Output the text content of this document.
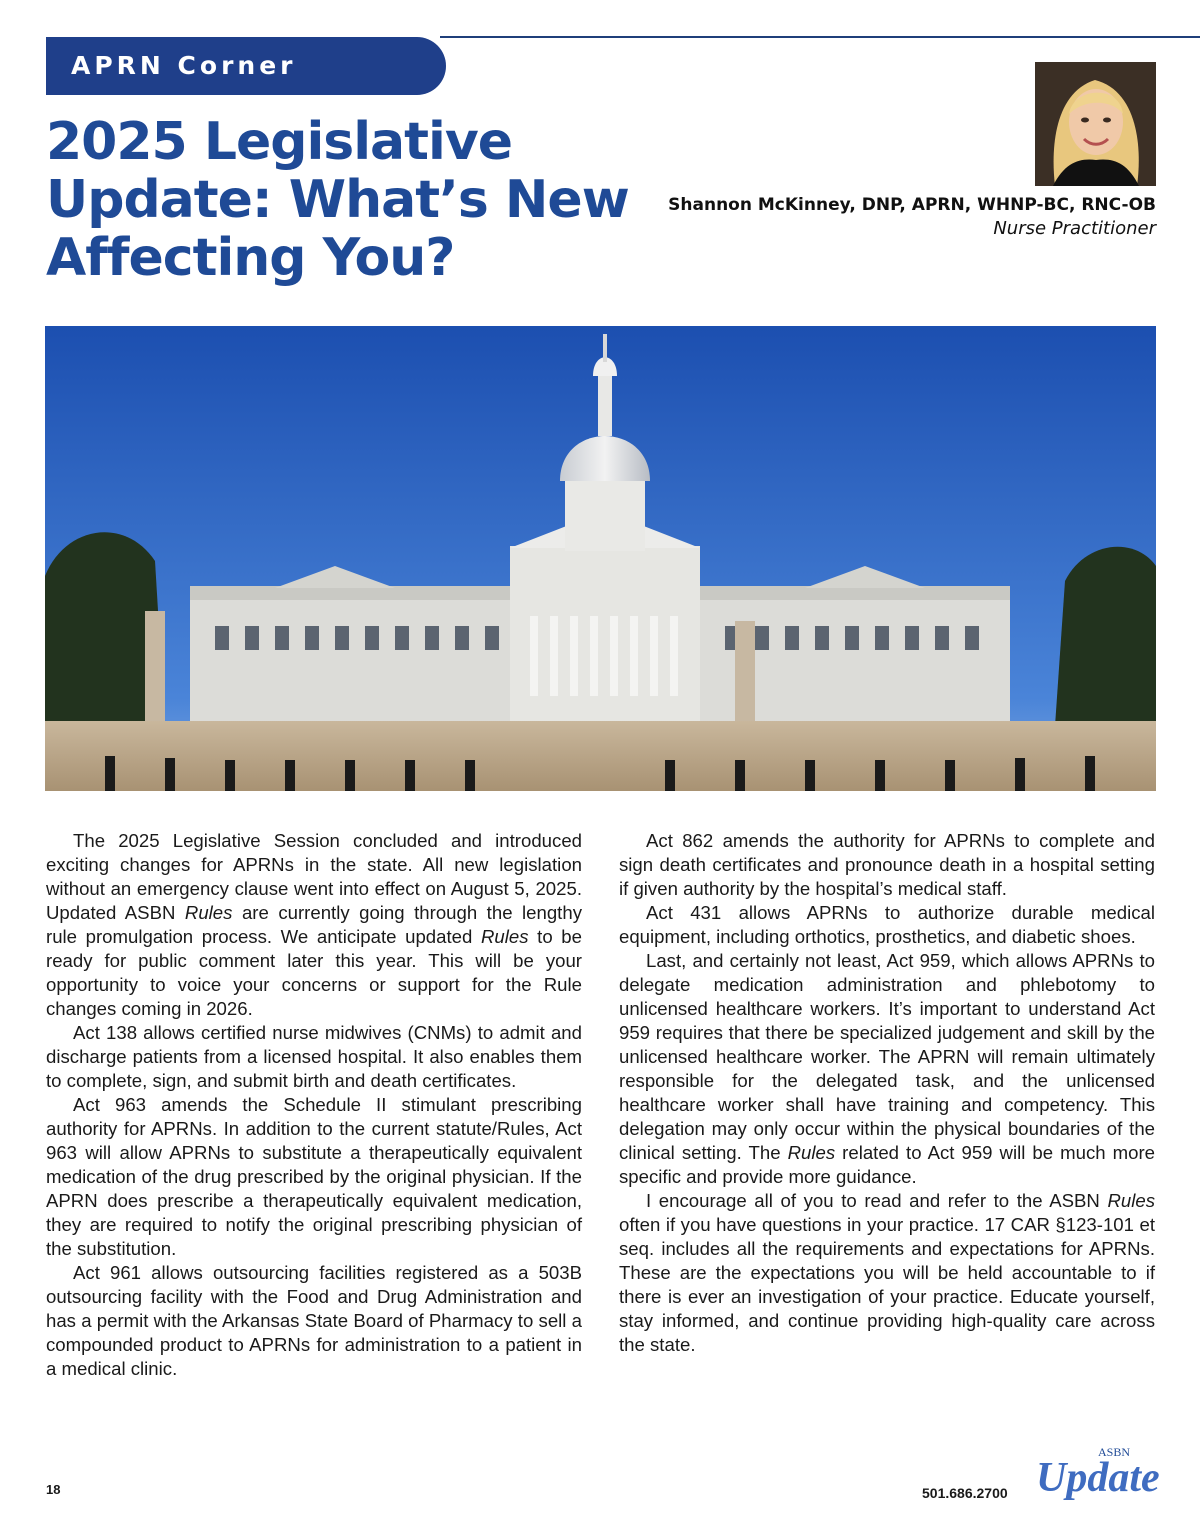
APRN Corner
2025 Legislative Update: What’s New Affecting You?
Shannon McKinney, DNP, APRN, WHNP-BC, RNC-OB
Nurse Practitioner

The 2025 Legislative Session concluded and introduced exciting changes for APRNs in the state. All new legislation without an emergency clause went into effect on August 5, 2025. Updated ASBN Rules are currently going through the lengthy rule promulgation process. We anticipate updated Rules to be ready for public comment later this year. This will be your opportunity to voice your concerns or support for the Rule changes coming in 2026.

Act 138 allows certified nurse midwives (CNMs) to admit and discharge patients from a licensed hospital. It also enables them to complete, sign, and submit birth and death certificates.

Act 963 amends the Schedule II stimulant prescribing authority for APRNs. In addition to the current statute/Rules, Act 963 will allow APRNs to substitute a therapeutically equivalent medication of the drug prescribed by the original physician. If the APRN does prescribe a therapeutically equivalent medication, they are required to notify the original prescribing physician of the substitution.

Act 961 allows outsourcing facilities registered as a 503B outsourcing facility with the Food and Drug Administration and has a permit with the Arkansas State Board of Pharmacy to sell a compounded product to APRNs for administration to a patient in a medical clinic.

Act 862 amends the authority for APRNs to complete and sign death certificates and pronounce death in a hospital setting if given authority by the hospital’s medical staff.

Act 431 allows APRNs to authorize durable medical equipment, including orthotics, prosthetics, and diabetic shoes.

Last, and certainly not least, Act 959, which allows APRNs to delegate medication administration and phlebotomy to unlicensed healthcare workers. It’s important to understand Act 959 requires that there be specialized judgement and skill by the unlicensed healthcare worker. The APRN will remain ultimately responsible for the delegated task, and the unlicensed healthcare worker shall have training and competency. This delegation may only occur within the physical boundaries of the clinical setting. The Rules related to Act 959 will be much more specific and provide more guidance.

I encourage all of you to read and refer to the ASBN Rules often if you have questions in your practice. 17 CAR §123-101 et seq. includes all the requirements and expectations for APRNs. These are the expectations you will be held accountable to if there is ever an investigation of your practice. Educate yourself, stay informed, and continue providing high-quality care across the state.

18	501.686.2700
ASBN
Update
